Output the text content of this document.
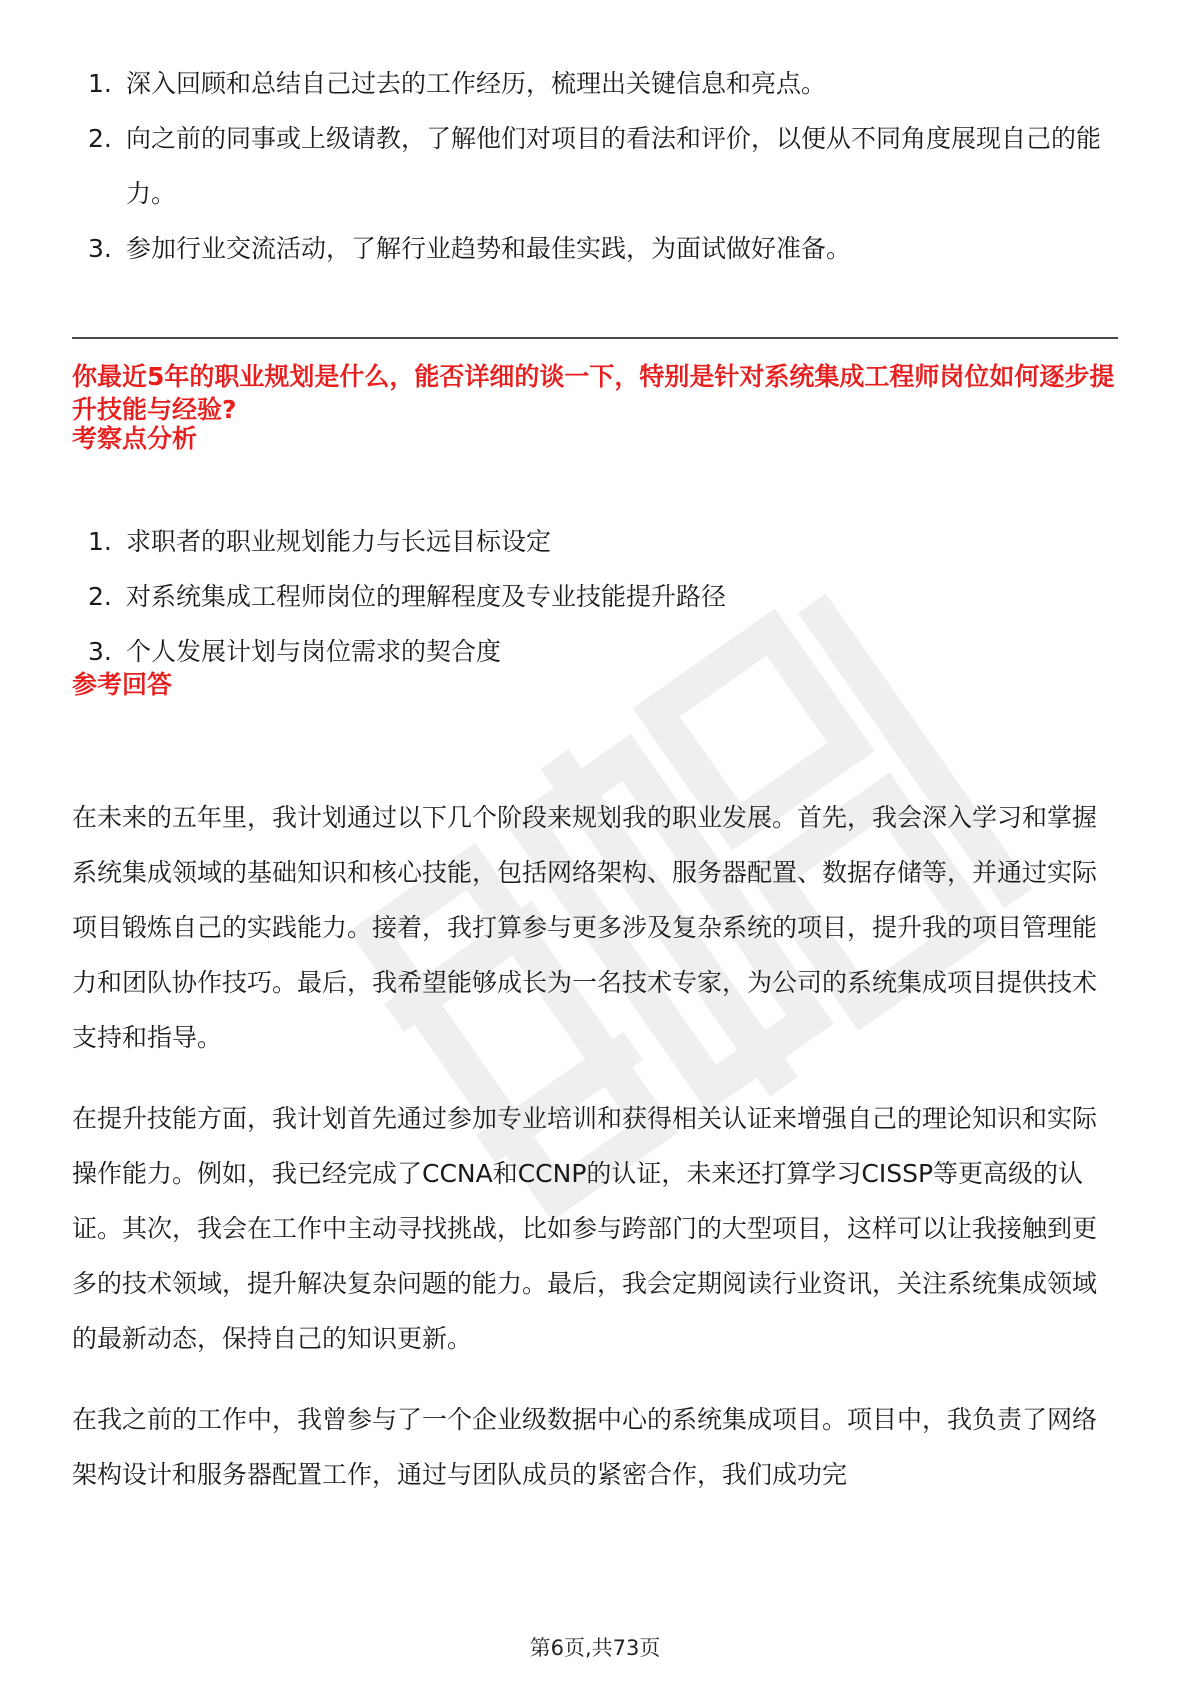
1. 深入回顾和总结自己过去的工作经历，梳理出关键信息和亮点。
2. 向之前的同事或上级请教，了解他们对项目的看法和评价，以便从不同角度展现自己的能力。
3. 参加行业交流活动，了解行业趋势和最佳实践，为面试做好准备。
你最近5年的职业规划是什么，能否详细的谈一下，特别是针对系统集成工程师岗位如何逐步提升技能与经验?
考察点分析
1. 求职者的职业规划能力与长远目标设定
2. 对系统集成工程师岗位的理解程度及专业技能提升路径
3. 个人发展计划与岗位需求的契合度
参考回答

在未来的五年里，我计划通过以下几个阶段来规划我的职业发展。首先，我会深入学习和掌握系统集成领域的基础知识和核心技能，包括网络架构、服务器配置、数据存储等，并通过实际项目锻炼自己的实践能力。接着，我打算参与更多涉及复杂系统的项目，提升我的项目管理能力和团队协作技巧。最后，我希望能够成长为一名技术专家，为公司的系统集成项目提供技术支持和指导。

在提升技能方面，我计划首先通过参加专业培训和获得相关认证来增强自己的理论知识和实际操作能力。例如，我已经完成了CCNA和CCNP的认证，未来还打算学习CISSP等更高级的认证。其次，我会在工作中主动寻找挑战，比如参与跨部门的大型项目，这样可以让我接触到更多的技术领域，提升解决复杂问题的能力。最后，我会定期阅读行业资讯，关注系统集成领域的最新动态，保持自己的知识更新。

在我之前的工作中，我曾参与了一个企业级数据中心的系统集成项目。项目中，我负责了网络架构设计和服务器配置工作，通过与团队成员的紧密合作，我们成功完

第6页,共73页
